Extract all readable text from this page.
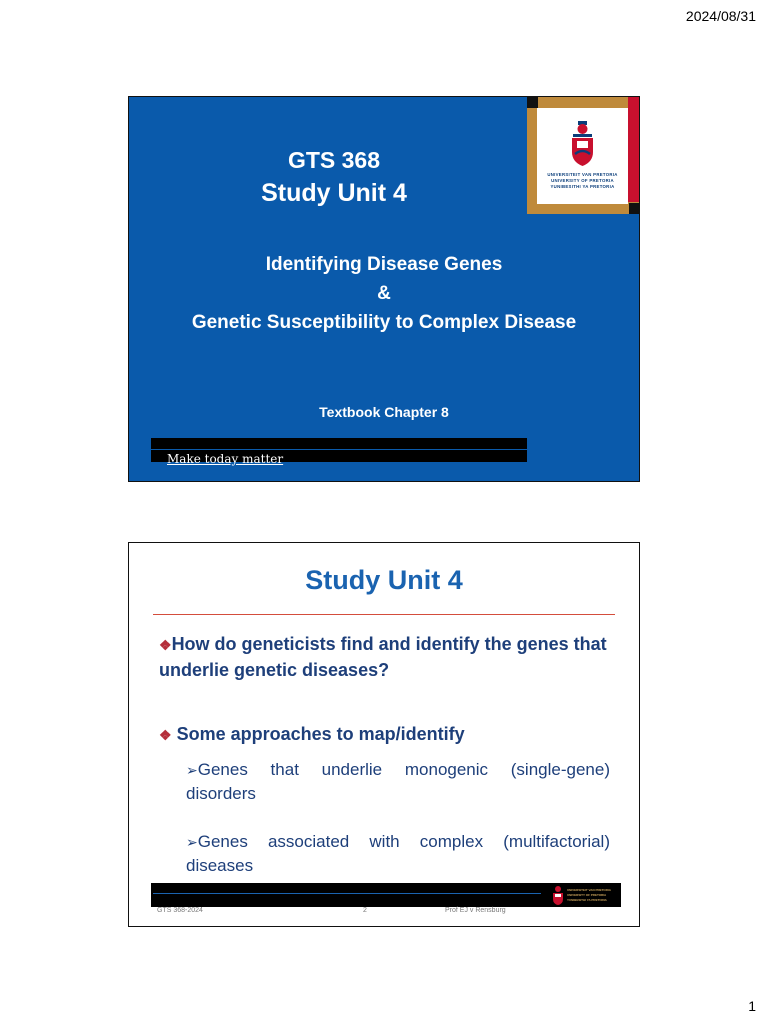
2024/08/31
GTS 368
Study Unit 4
Identifying Disease Genes
&
Genetic Susceptibility to Complex Disease
Textbook Chapter 8
Make today matter
UNIVERSITEIT VAN PRETORIA
UNIVERSITY OF PRETORIA
YUNIBESITHI YA PRETORIA
Study Unit 4
❖How do geneticists find and identify the genes that underlie genetic diseases?
❖ Some approaches to map/identify
➢Genes that underlie monogenic (single-gene) disorders
➢Genes associated with complex (multifactorial) diseases
UNIVERSITEIT VAN PRETORIA
UNIVERSITY OF PRETORIA
YUNIBESITHI YA PRETORIA
GTS 368-2024	2	Prof EJ v Rensburg
1
